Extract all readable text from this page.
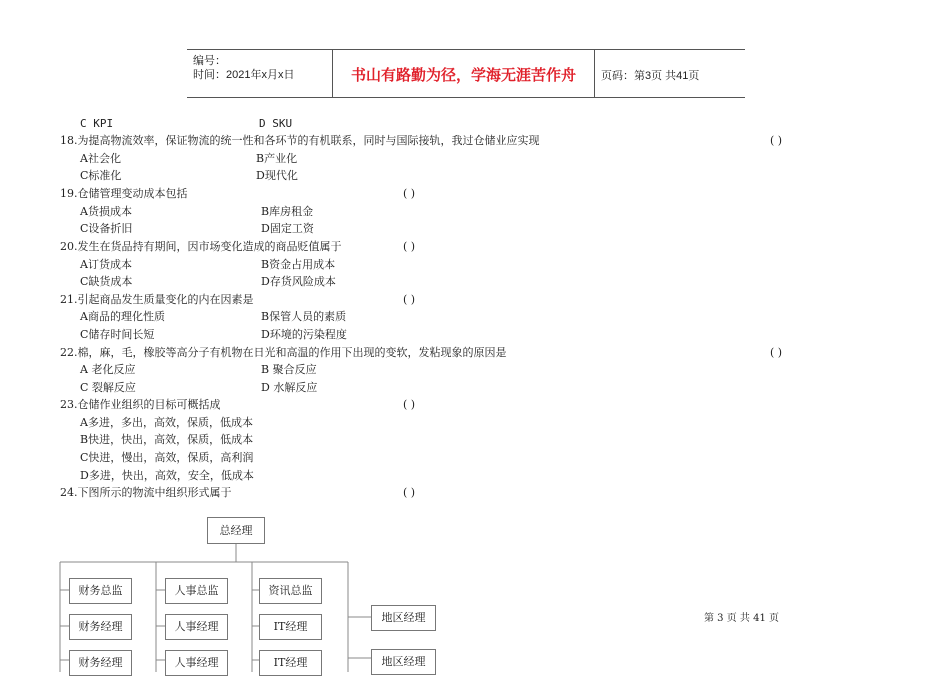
编号：
时间：2021年x月x日	书山有路勤为径，学海无涯苦作舟	页码：第3页 共41页
C KPI	D SKU
18.为提高物流效率，保证物流的统一性和各环节的有机联系，同时与国际接轨，我过仓储业应实现	( )
A社会化	B产业化
C标准化	D现代化
19.仓储管理变动成本包括	( )
A货损成本	B库房租金
C设备折旧	D固定工资
20.发生在货品持有期间，因市场变化造成的商品贬值属于	( )
A订货成本	B资金占用成本
C缺货成本	D存货风险成本
21.引起商品发生质量变化的内在因素是	( )
A商品的理化性质	B保管人员的素质
C储存时间长短	D环境的污染程度
22.棉，麻，毛，橡胶等高分子有机物在日光和高温的作用下出现的变软，发粘现象的原因是	( )
A 老化反应	B 聚合反应
C 裂解反应	D 水解反应
23.仓储作业组织的目标可概括成	( )
A多进，多出，高效，保质，低成本
B快进，快出，高效，保质，低成本
C快进，慢出，高效，保质，高利润
D多进，快出，高效，安全，低成本
24.下图所示的物流中组织形式属于	( )
总经理
财务总监
财务经理
财务经理
人事总监
人事经理
人事经理
资讯总监
IT经理
IT经理
地区经理
地区经理
第 3 页 共 41 页
